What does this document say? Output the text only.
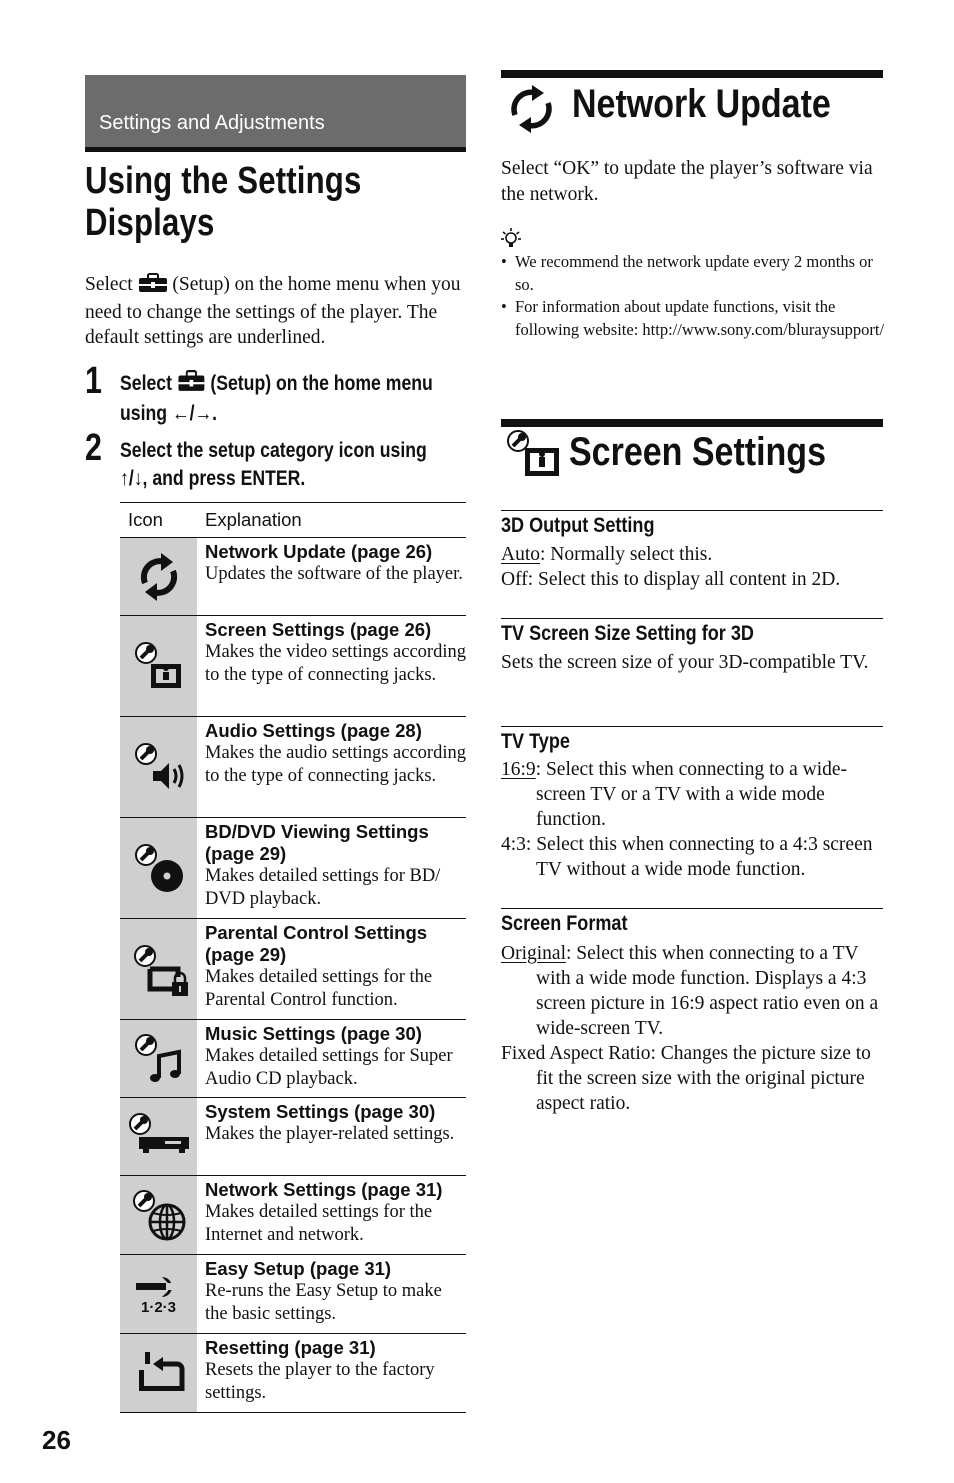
Settings and Adjustments
Using the Settings
Displays
Select  (Setup) on the home menu when you need to change the settings of the player. The default settings are underlined.
1 Select  (Setup) on the home menu
using ←/→.
2 Select the setup category icon using
↑/↓, and press ENTER.
Icon Explanation
Network Update (page 26)
Updates the software of the player.
Screen Settings (page 26)
Makes the video settings according to the type of connecting jacks.
Audio Settings (page 28)
Makes the audio settings according to the type of connecting jacks.
BD/DVD Viewing Settings (page 29)
Makes detailed settings for BD/ DVD playback.
Parental Control Settings (page 29)
Makes detailed settings for the Parental Control function.
Music Settings (page 30)
Makes detailed settings for Super Audio CD playback.
System Settings (page 30)
Makes the player-related settings.
Network Settings (page 31)
Makes detailed settings for the Internet and network.
1·2·3
Easy Setup (page 31)
Re-runs the Easy Setup to make the basic settings.
Resetting (page 31)
Resets the player to the factory settings.
26
Network Update
Select “OK” to update the player’s software via the network.
• We recommend the network update every 2 months or so.
• For information about update functions, visit the following website: http://www.sony.com/bluraysupport/
Screen Settings
3D Output Setting
Auto: Normally select this.
Off: Select this to display all content in 2D.
TV Screen Size Setting for 3D
Sets the screen size of your 3D-compatible TV.
TV Type
16:9: Select this when connecting to a wide-screen TV or a TV with a wide mode function.
4:3: Select this when connecting to a 4:3 screen TV without a wide mode function.
Screen Format
Original: Select this when connecting to a TV with a wide mode function. Displays a 4:3 screen picture in 16:9 aspect ratio even on a wide-screen TV.
Fixed Aspect Ratio: Changes the picture size to fit the screen size with the original picture aspect ratio.
